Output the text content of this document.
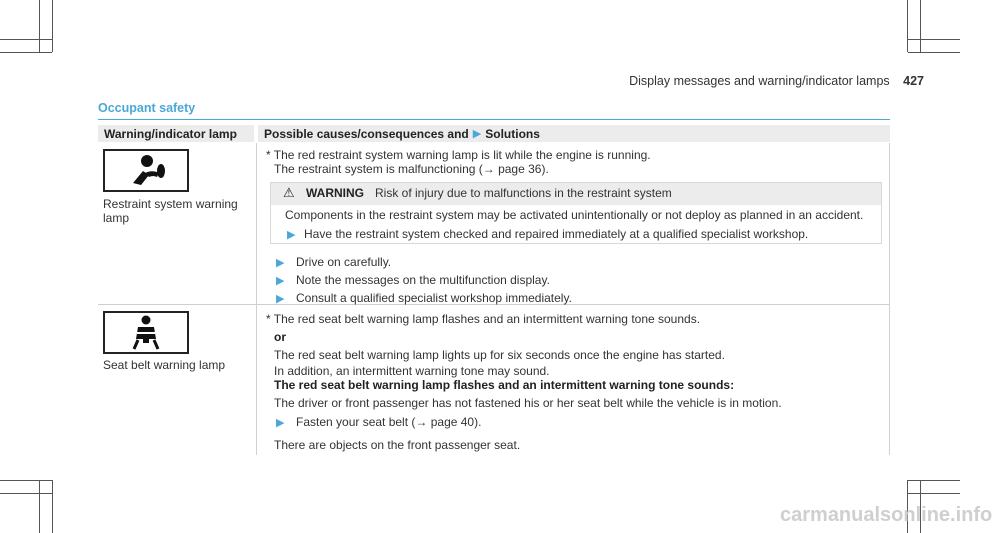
Display messages and warning/indicator lamps 427
Occupant safety
Warning/indicator lamp Possible causes/consequences and ▶ Solutions
Restraint system warning
lamp
* The red restraint system warning lamp is lit while the engine is running.
The restraint system is malfunctioning (→ page 36).
⚠ WARNING Risk of injury due to malfunctions in the restraint system
Components in the restraint system may be activated unintentionally or not deploy as planned in an accident.
▶ Have the restraint system checked and repaired immediately at a qualified specialist workshop.
▶ Drive on carefully.
▶ Note the messages on the multifunction display.
▶ Consult a qualified specialist workshop immediately.
Seat belt warning lamp
* The red seat belt warning lamp flashes and an intermittent warning tone sounds.
or
The red seat belt warning lamp lights up for six seconds once the engine has started.
In addition, an intermittent warning tone may sound.
The red seat belt warning lamp flashes and an intermittent warning tone sounds:
The driver or front passenger has not fastened his or her seat belt while the vehicle is in motion.
▶ Fasten your seat belt (→ page 40).
There are objects on the front passenger seat.
carmanualsonline.info
